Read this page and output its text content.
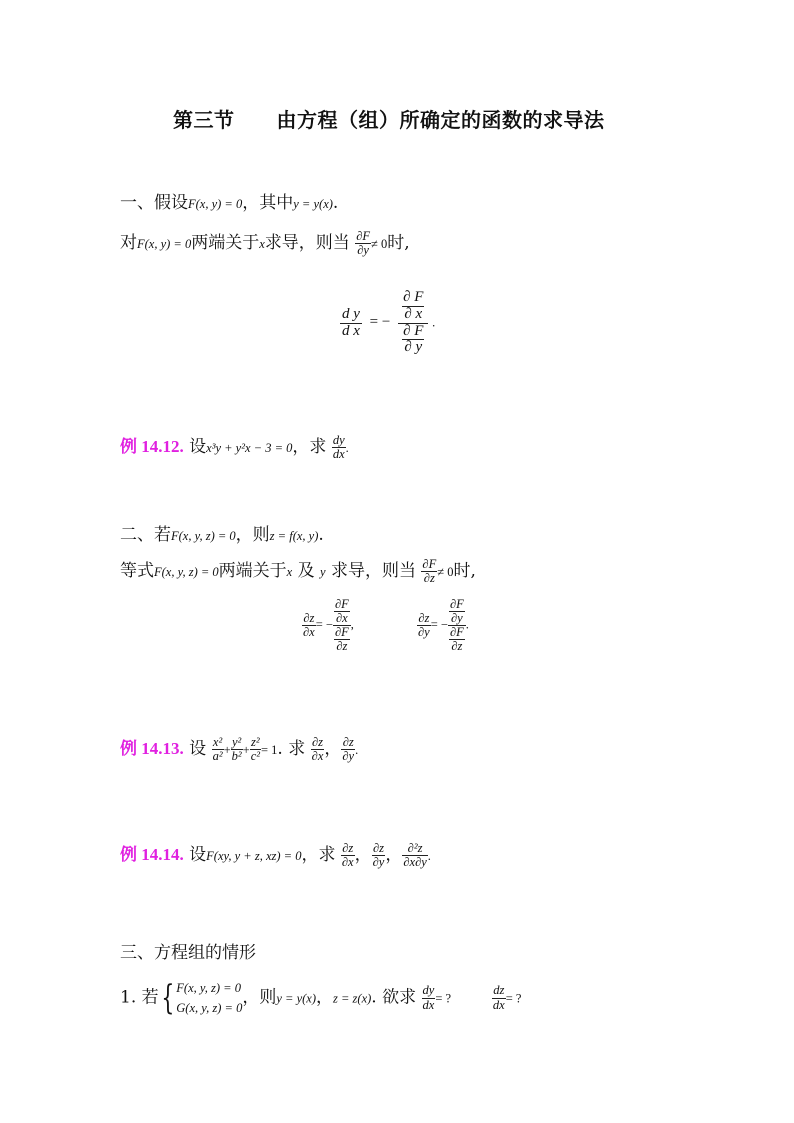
第三节 由方程（组）所确定的函数的求导法
一、假设F(x, y) = 0，其中y = y(x).
对F(x, y) = 0两端关于x求导，则当 $\frac{\partial F}{\partial y} \ne 0$时,
$\frac{\text{d y}}{\text{d x}}$ = − $\frac{\frac{\partial F}{\partial x}}{\frac{\partial F}{\partial y}}$ .
例 14.12. 设x³y + y²x − 3 = 0，求 $\frac{dy}{dx}$ .
二、若F(x, y, z) = 0，则z = f(x, y).
等式F(x, y, z) = 0两端关于x 及 y 求导，则当 $\frac{\partial F}{\partial z} \ne 0$时,
$\frac{\partial z}{\partial x}$ = − $\frac{\frac{\partial F}{\partial x}}{\frac{\partial F}{\partial z}}$ ,	$\frac{\partial z}{\partial y}$ = − $\frac{\frac{\partial F}{\partial y}}{\frac{\partial F}{\partial z}}$ .
例 14.13. 设 $\frac{\text{x²}}{\text{a²}} + \frac{\text{y²}}{\text{b²}} + \frac{\text{z²}}{\text{c²}} = 1$. 求 $\frac{\partial z}{\partial x}$ ， $\frac{\partial z}{\partial y}$ .
例 14.14. 设F(xy, y + z, xz) = 0，求 $\frac{\partial z}{\partial x}$ ， $\frac{\partial z}{\partial y}$ ， $\frac{\text{∂²z}}{\partial x\partial y}$ .
三、方程组的情形
1. 若{ F(x, y, z) = 0
G(x, y, z) = 0
，则y = y(x)，z = z(x). 欲求 $\frac{dy}{dx}$ = ?	$\frac{dz}{dx}$ = ?
